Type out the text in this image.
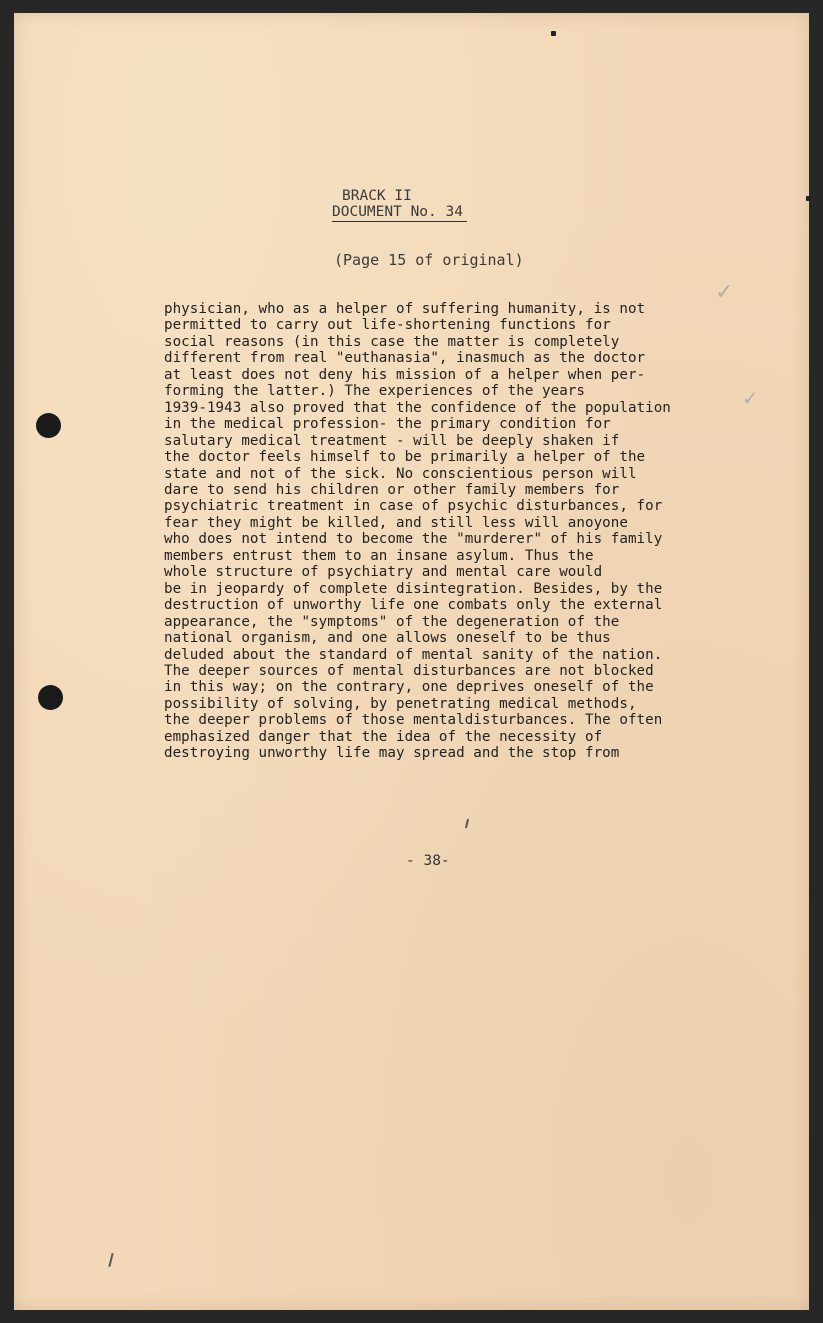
BRACK II
DOCUMENT No. 34
(Page 15 of original)
physician, who as a helper of suffering humanity, is not
permitted to carry out life-shortening functions for
social reasons (in this case the matter is completely
different from real "euthanasia", inasmuch as the doctor
at least does not deny his mission of a helper when per-
forming the latter.) The experiences of the years
1939-1943 also proved that the confidence of the population
in the medical profession- the primary condition for
salutary medical treatment - will be deeply shaken if
the doctor feels himself to be primarily a helper of the
state and not of the sick. No conscientious person will
dare to send his children or other family members for
psychiatric treatment in case of psychic disturbances, for
fear they might be killed, and still less will anoyone
who does not intend to become the "murderer" of his family
members entrust them to an insane asylum. Thus the
whole structure of psychiatry and mental care would
be in jeopardy of complete disintegration. Besides, by the
destruction of unworthy life one combats only the external
appearance, the "symptoms" of the degeneration of the
national organism, and one allows oneself to be thus
deluded about the standard of mental sanity of the nation.
The deeper sources of mental disturbances are not blocked
in this way; on the contrary, one deprives oneself of the
possibility of solving, by penetrating medical methods,
the deeper problems of those mentaldisturbances. The often
emphasized danger that the idea of the necessity of
destroying unworthy life may spread and the stop from
- 38-
✓
✓
